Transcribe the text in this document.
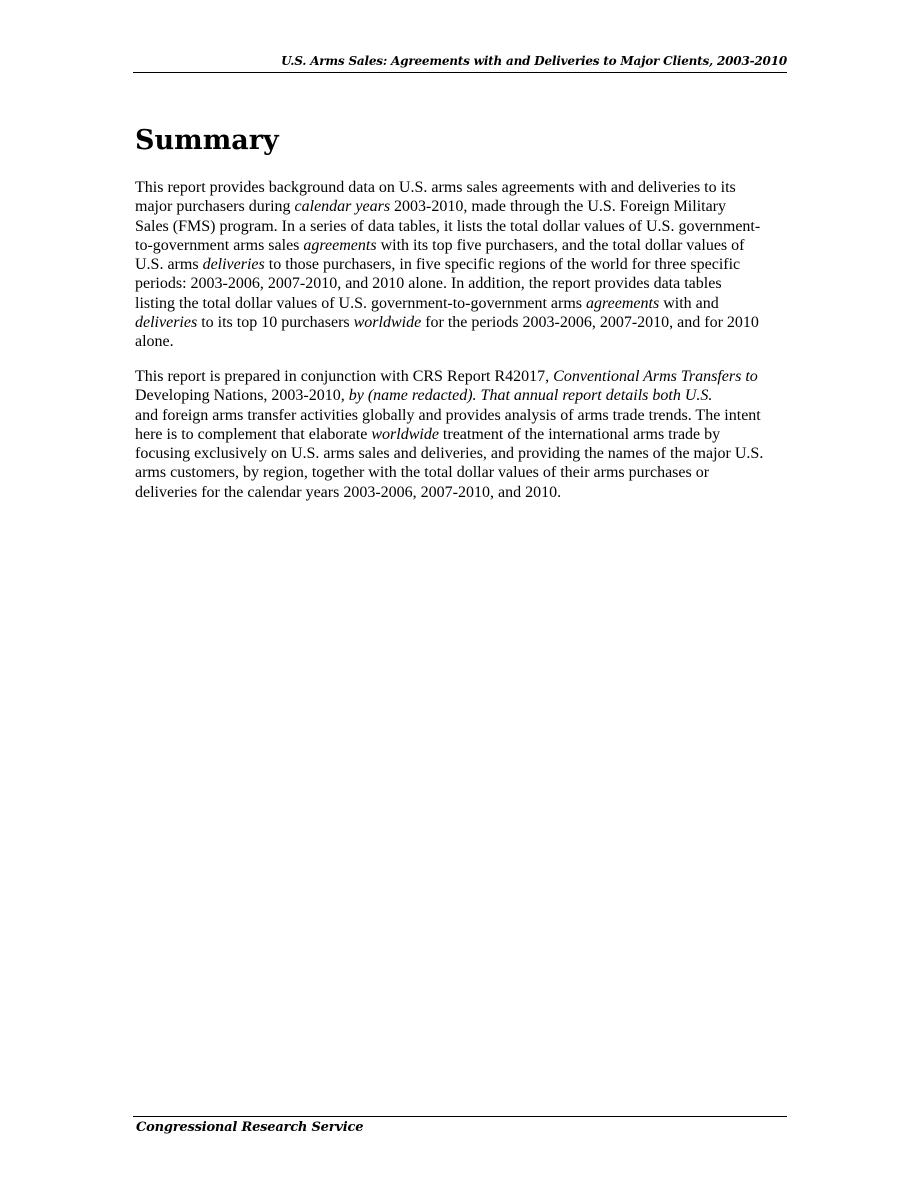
U.S. Arms Sales: Agreements with and Deliveries to Major Clients, 2003-2010
Summary

This report provides background data on U.S. arms sales agreements with and deliveries to its
major purchasers during calendar years 2003-2010, made through the U.S. Foreign Military
Sales (FMS) program. In a series of data tables, it lists the total dollar values of U.S. government-
to-government arms sales agreements with its top five purchasers, and the total dollar values of
U.S. arms deliveries to those purchasers, in five specific regions of the world for three specific
periods: 2003-2006, 2007-2010, and 2010 alone. In addition, the report provides data tables
listing the total dollar values of U.S. government-to-government arms agreements with and
deliveries to its top 10 purchasers worldwide for the periods 2003-2006, 2007-2010, and for 2010
alone.

This report is prepared in conjunction with CRS Report R42017, Conventional Arms Transfers to
Developing Nations, 2003-2010, by (name redacted). That annual report details both U.S.
and foreign arms transfer activities globally and provides analysis of arms trade trends. The intent
here is to complement that elaborate worldwide treatment of the international arms trade by
focusing exclusively on U.S. arms sales and deliveries, and providing the names of the major U.S.
arms customers, by region, together with the total dollar values of their arms purchases or
deliveries for the calendar years 2003-2006, 2007-2010, and 2010.

Congressional Research Service
